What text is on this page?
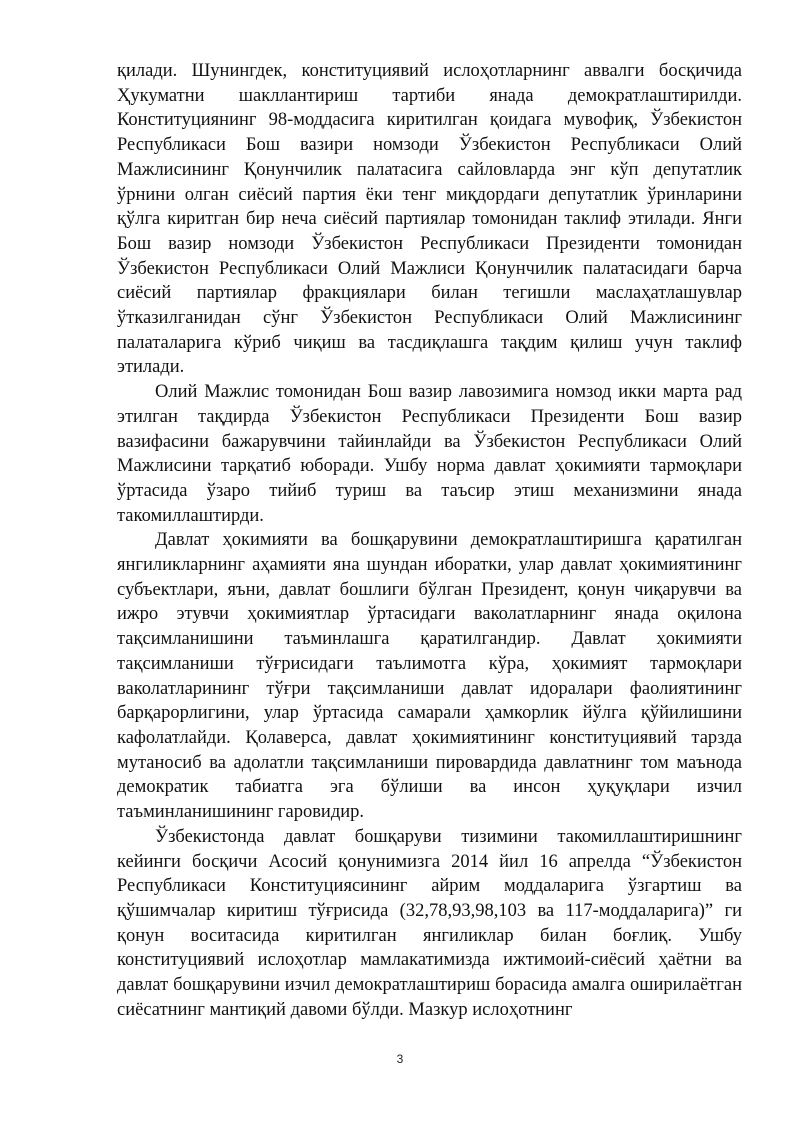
қилади. Шунингдек, конституциявий ислоҳотларнинг аввалги босқичида Ҳукуматни шакллантириш тартиби янада демократлаштирилди. Конституциянинг 98-моддасига киритилган қоидага мувофиқ, Ўзбекистон Республикаси Бош вазири номзоди Ўзбекистон Республикаси Олий Мажлисининг Қонунчилик палатасига сайловларда энг кўп депутатлик ўрнини олган сиёсий партия ёки тенг миқдордаги депутатлик ўринларини қўлга киритган бир неча сиёсий партиялар томонидан таклиф этилади. Янги Бош вазир номзоди Ўзбекистон Республикаси Президенти томонидан Ўзбекистон Республикаси Олий Мажлиси Қонунчилик палатасидаги барча сиёсий партиялар фракциялари билан тегишли маслаҳатлашувлар ўтказилганидан сўнг Ўзбекистон Республикаси Олий Мажлисининг палаталарига кўриб чиқиш ва тасдиқлашга тақдим қилиш учун таклиф этилади.

Олий Мажлис томонидан Бош вазир лавозимига номзод икки марта рад этилган тақдирда Ўзбекистон Республикаси Президенти Бош вазир вазифасини бажарувчини тайинлайди ва Ўзбекистон Республикаси Олий Мажлисини тарқатиб юборади. Ушбу норма давлат ҳокимияти тармоқлари ўртасида ўзаро тийиб туриш ва таъсир этиш механизмини янада такомиллаштирди.

Давлат ҳокимияти ва бошқарувини демократлаштиришга қаратилган янгиликларнинг аҳамияти яна шундан иборатки, улар давлат ҳокимиятининг субъектлари, яъни, давлат бошлиги бўлган Президент, қонун чиқарувчи ва ижро этувчи ҳокимиятлар ўртасидаги ваколатларнинг янада оқилона тақсимланишини таъминлашга қаратилгандир. Давлат ҳокимияти тақсимланиши тўғрисидаги таълимотга кўра, ҳокимият тармоқлари ваколатларининг тўғри тақсимланиши давлат идоралари фаолиятининг барқарорлигини, улар ўртасида самарали ҳамкорлик йўлга қўйилишини кафолатлайди. Қолаверса, давлат ҳокимиятининг конституциявий тарзда мутаносиб ва адолатли тақсимланиши пировардида давлатнинг том маънода демократик табиатга эга бўлиши ва инсон ҳуқуқлари изчил таъминланишининг гаровидир.

Ўзбекистонда давлат бошқаруви тизимини такомиллаштиришнинг кейинги босқичи Асосий қонунимизга 2014 йил 16 апрелда “Ўзбекистон Республикаси Конституциясининг айрим моддаларига ўзгартиш ва қўшимчалар киритиш тўғрисида (32,78,93,98,103 ва 117-моддаларига)” ги қонун воситасида киритилган янгиликлар билан боғлиқ. Ушбу конституциявий ислоҳотлар мамлакатимизда ижтимоий-сиёсий ҳаётни ва давлат бошқарувини изчил демократлаштириш борасида амалга оширилаётган сиёсатнинг мантиқий давоми бўлди. Мазкур ислоҳотнинг

3
